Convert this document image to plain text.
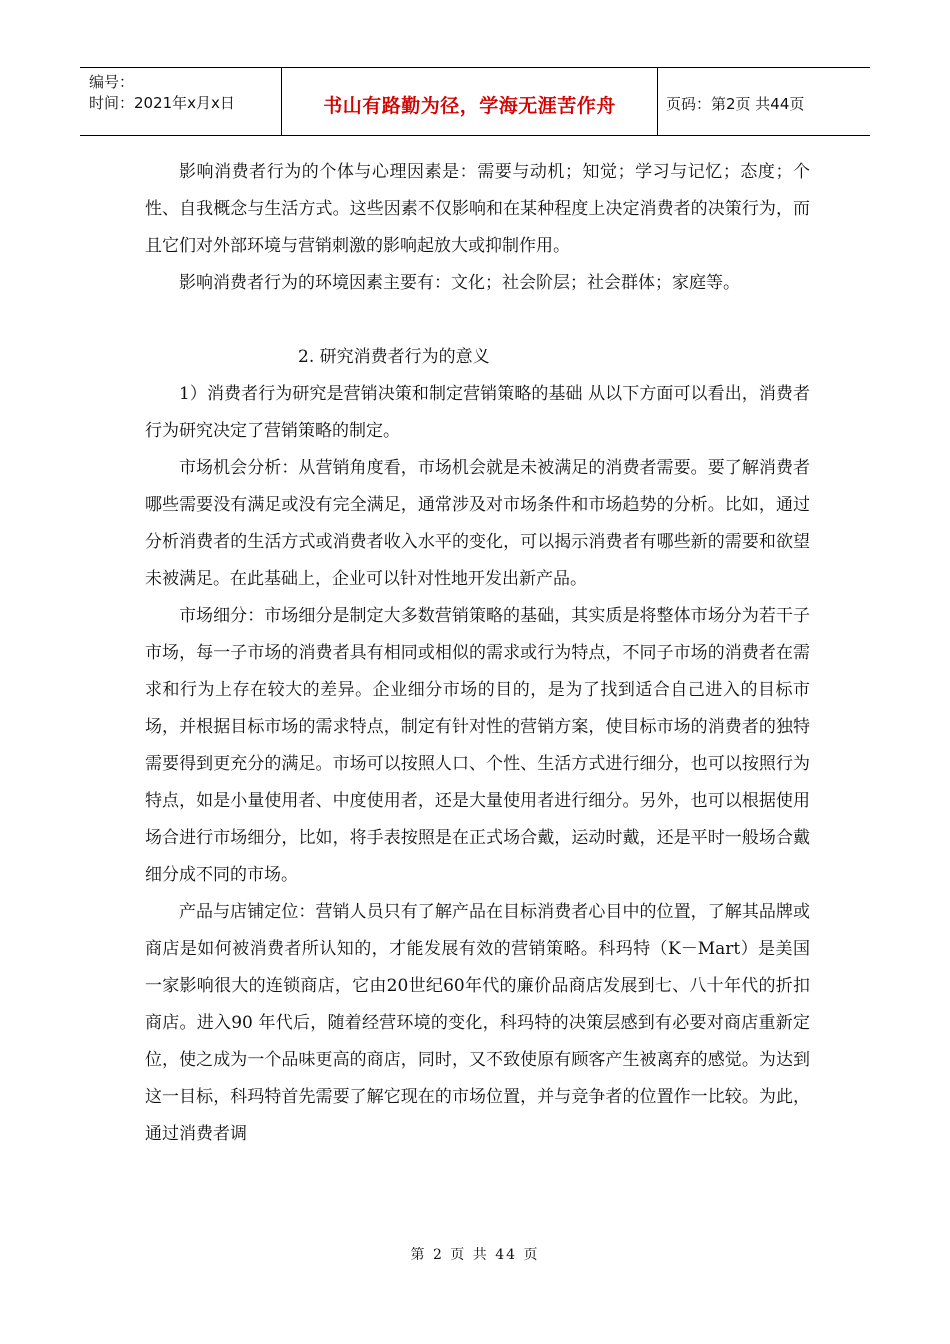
编号：
时间：2021年x月x日	书山有路勤为径，学海无涯苦作舟	页码：第2页 共44页

影响消费者行为的个体与心理因素是：需要与动机；知觉；学习与记忆；态度；个性、自我概念与生活方式。这些因素不仅影响和在某种程度上决定消费者的决策行为，而且它们对外部环境与营销刺激的影响起放大或抑制作用。

影响消费者行为的环境因素主要有：文化；社会阶层；社会群体；家庭等。

2. 研究消费者行为的意义

1）消费者行为研究是营销决策和制定营销策略的基础 从以下方面可以看出，消费者行为研究决定了营销策略的制定。

市场机会分析：从营销角度看，市场机会就是未被满足的消费者需要。要了解消费者哪些需要没有满足或没有完全满足，通常涉及对市场条件和市场趋势的分析。比如，通过分析消费者的生活方式或消费者收入水平的变化，可以揭示消费者有哪些新的需要和欲望未被满足。在此基础上，企业可以针对性地开发出新产品。

市场细分：市场细分是制定大多数营销策略的基础，其实质是将整体市场分为若干子市场，每一子市场的消费者具有相同或相似的需求或行为特点，不同子市场的消费者在需求和行为上存在较大的差异。企业细分市场的目的，是为了找到适合自己进入的目标市场，并根据目标市场的需求特点，制定有针对性的营销方案，使目标市场的消费者的独特需要得到更充分的满足。市场可以按照人口、个性、生活方式进行细分，也可以按照行为特点，如是小量使用者、中度使用者，还是大量使用者进行细分。另外，也可以根据使用场合进行市场细分，比如，将手表按照是在正式场合戴，运动时戴，还是平时一般场合戴细分成不同的市场。

产品与店铺定位：营销人员只有了解产品在目标消费者心目中的位置，了解其品牌或商店是如何被消费者所认知的，才能发展有效的营销策略。科玛特（K－Mart）是美国一家影响很大的连锁商店，它由20世纪60年代的廉价品商店发展到七、八十年代的折扣商店。进入90 年代后，随着经营环境的变化，科玛特的决策层感到有必要对商店重新定位，使之成为一个品味更高的商店，同时，又不致使原有顾客产生被离弃的感觉。为达到这一目标，科玛特首先需要了解它现在的市场位置，并与竞争者的位置作一比较。为此，通过消费者调

第 2 页 共 44 页
